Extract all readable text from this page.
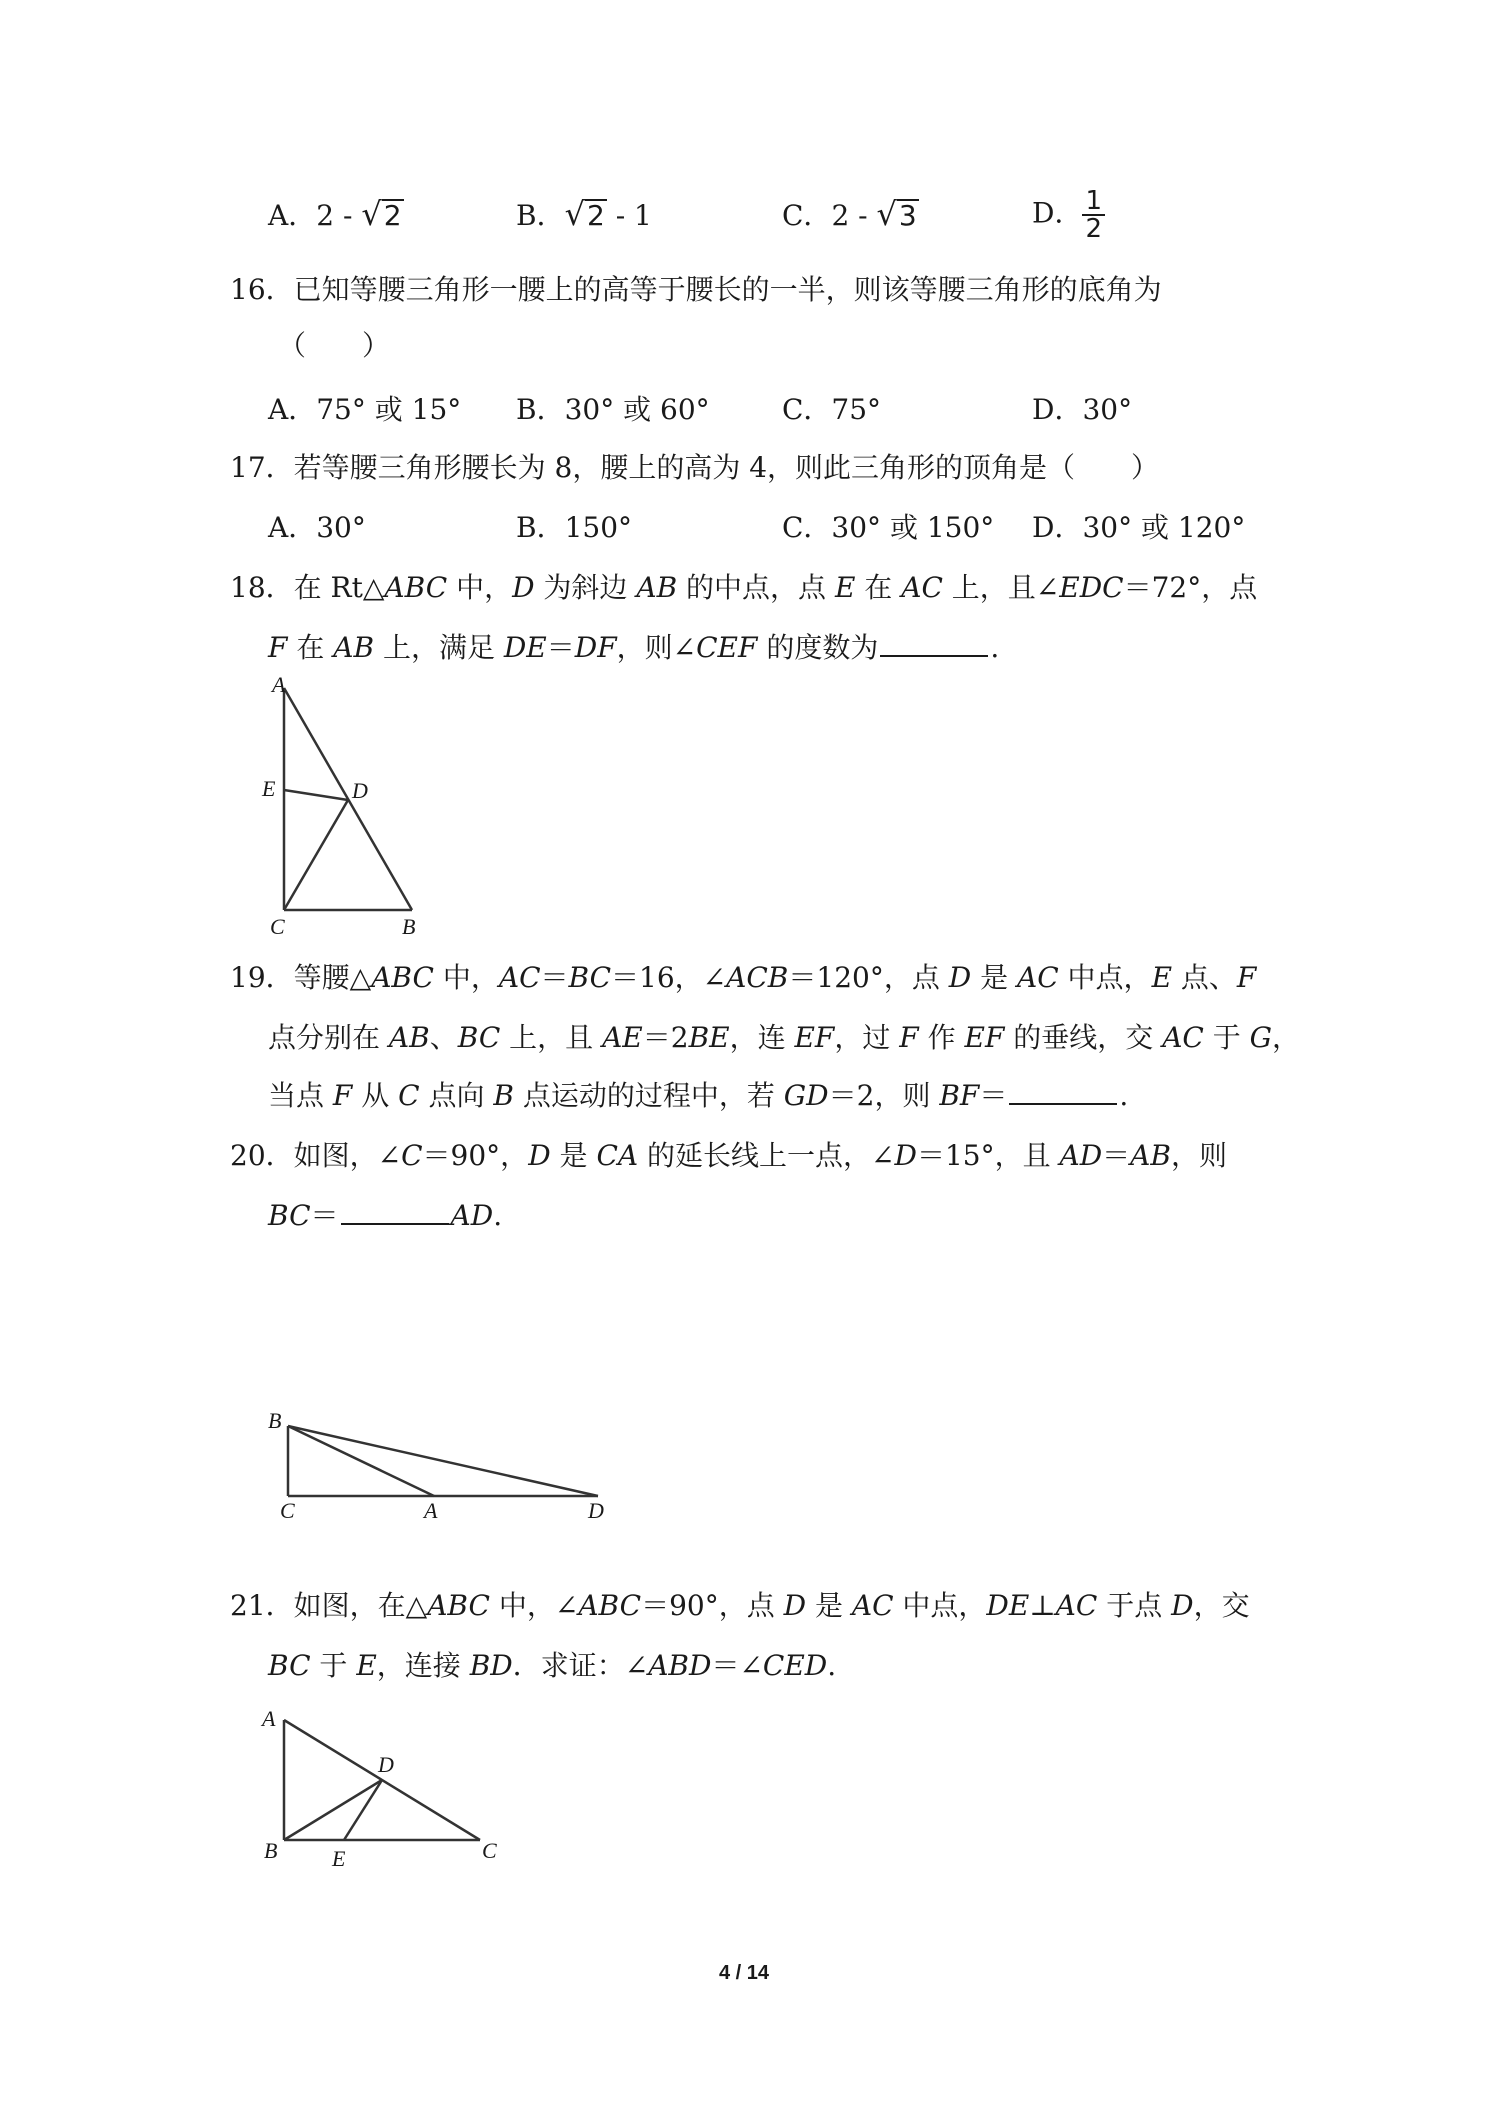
A．2 - √ 2	B． √ 2 - 1	C．2 - √ 3	D． $\frac{1}{2}$
16．已知等腰三角形一腰上的高等于腰长的一半，则该等腰三角形的底角为
（　　）
A．75° 或 15° B．30° 或 60°	C．75°	D．30°
17．若等腰三角形腰长为 8，腰上的高为 4，则此三角形的顶角是（　　）
A．30°	B．150°	C．30° 或 150° D．30° 或 120°
18．在 Rt△ABC 中，D 为斜边 AB 的中点，点 E 在 AC 上，且∠EDC＝72°，点
F 在 AB 上，满足 DE＝DF，则∠CEF 的度数为	.
A
E	D
C	B
19．等腰△ABC 中，AC＝BC＝16，∠ACB＝120°，点 D 是 AC 中点，E 点、F
点分别在 AB、BC 上，且 AE＝2BE，连 EF，过 F 作 EF 的垂线，交 AC 于 G，
当点 F 从 C 点向 B 点运动的过程中，若 GD＝2，则 BF＝	.
20．如图，∠C＝90°，D 是 CA 的延长线上一点，∠D＝15°，且 AD＝AB，则
BC＝	AD.
B
C	A	D
21．如图，在△ABC 中，∠ABC＝90°，点 D 是 AC 中点，DE⊥AC 于点 D，交
BC 于 E，连接 BD．求证：∠ABD＝∠CED.
A
D
B E	C
4 / 14
